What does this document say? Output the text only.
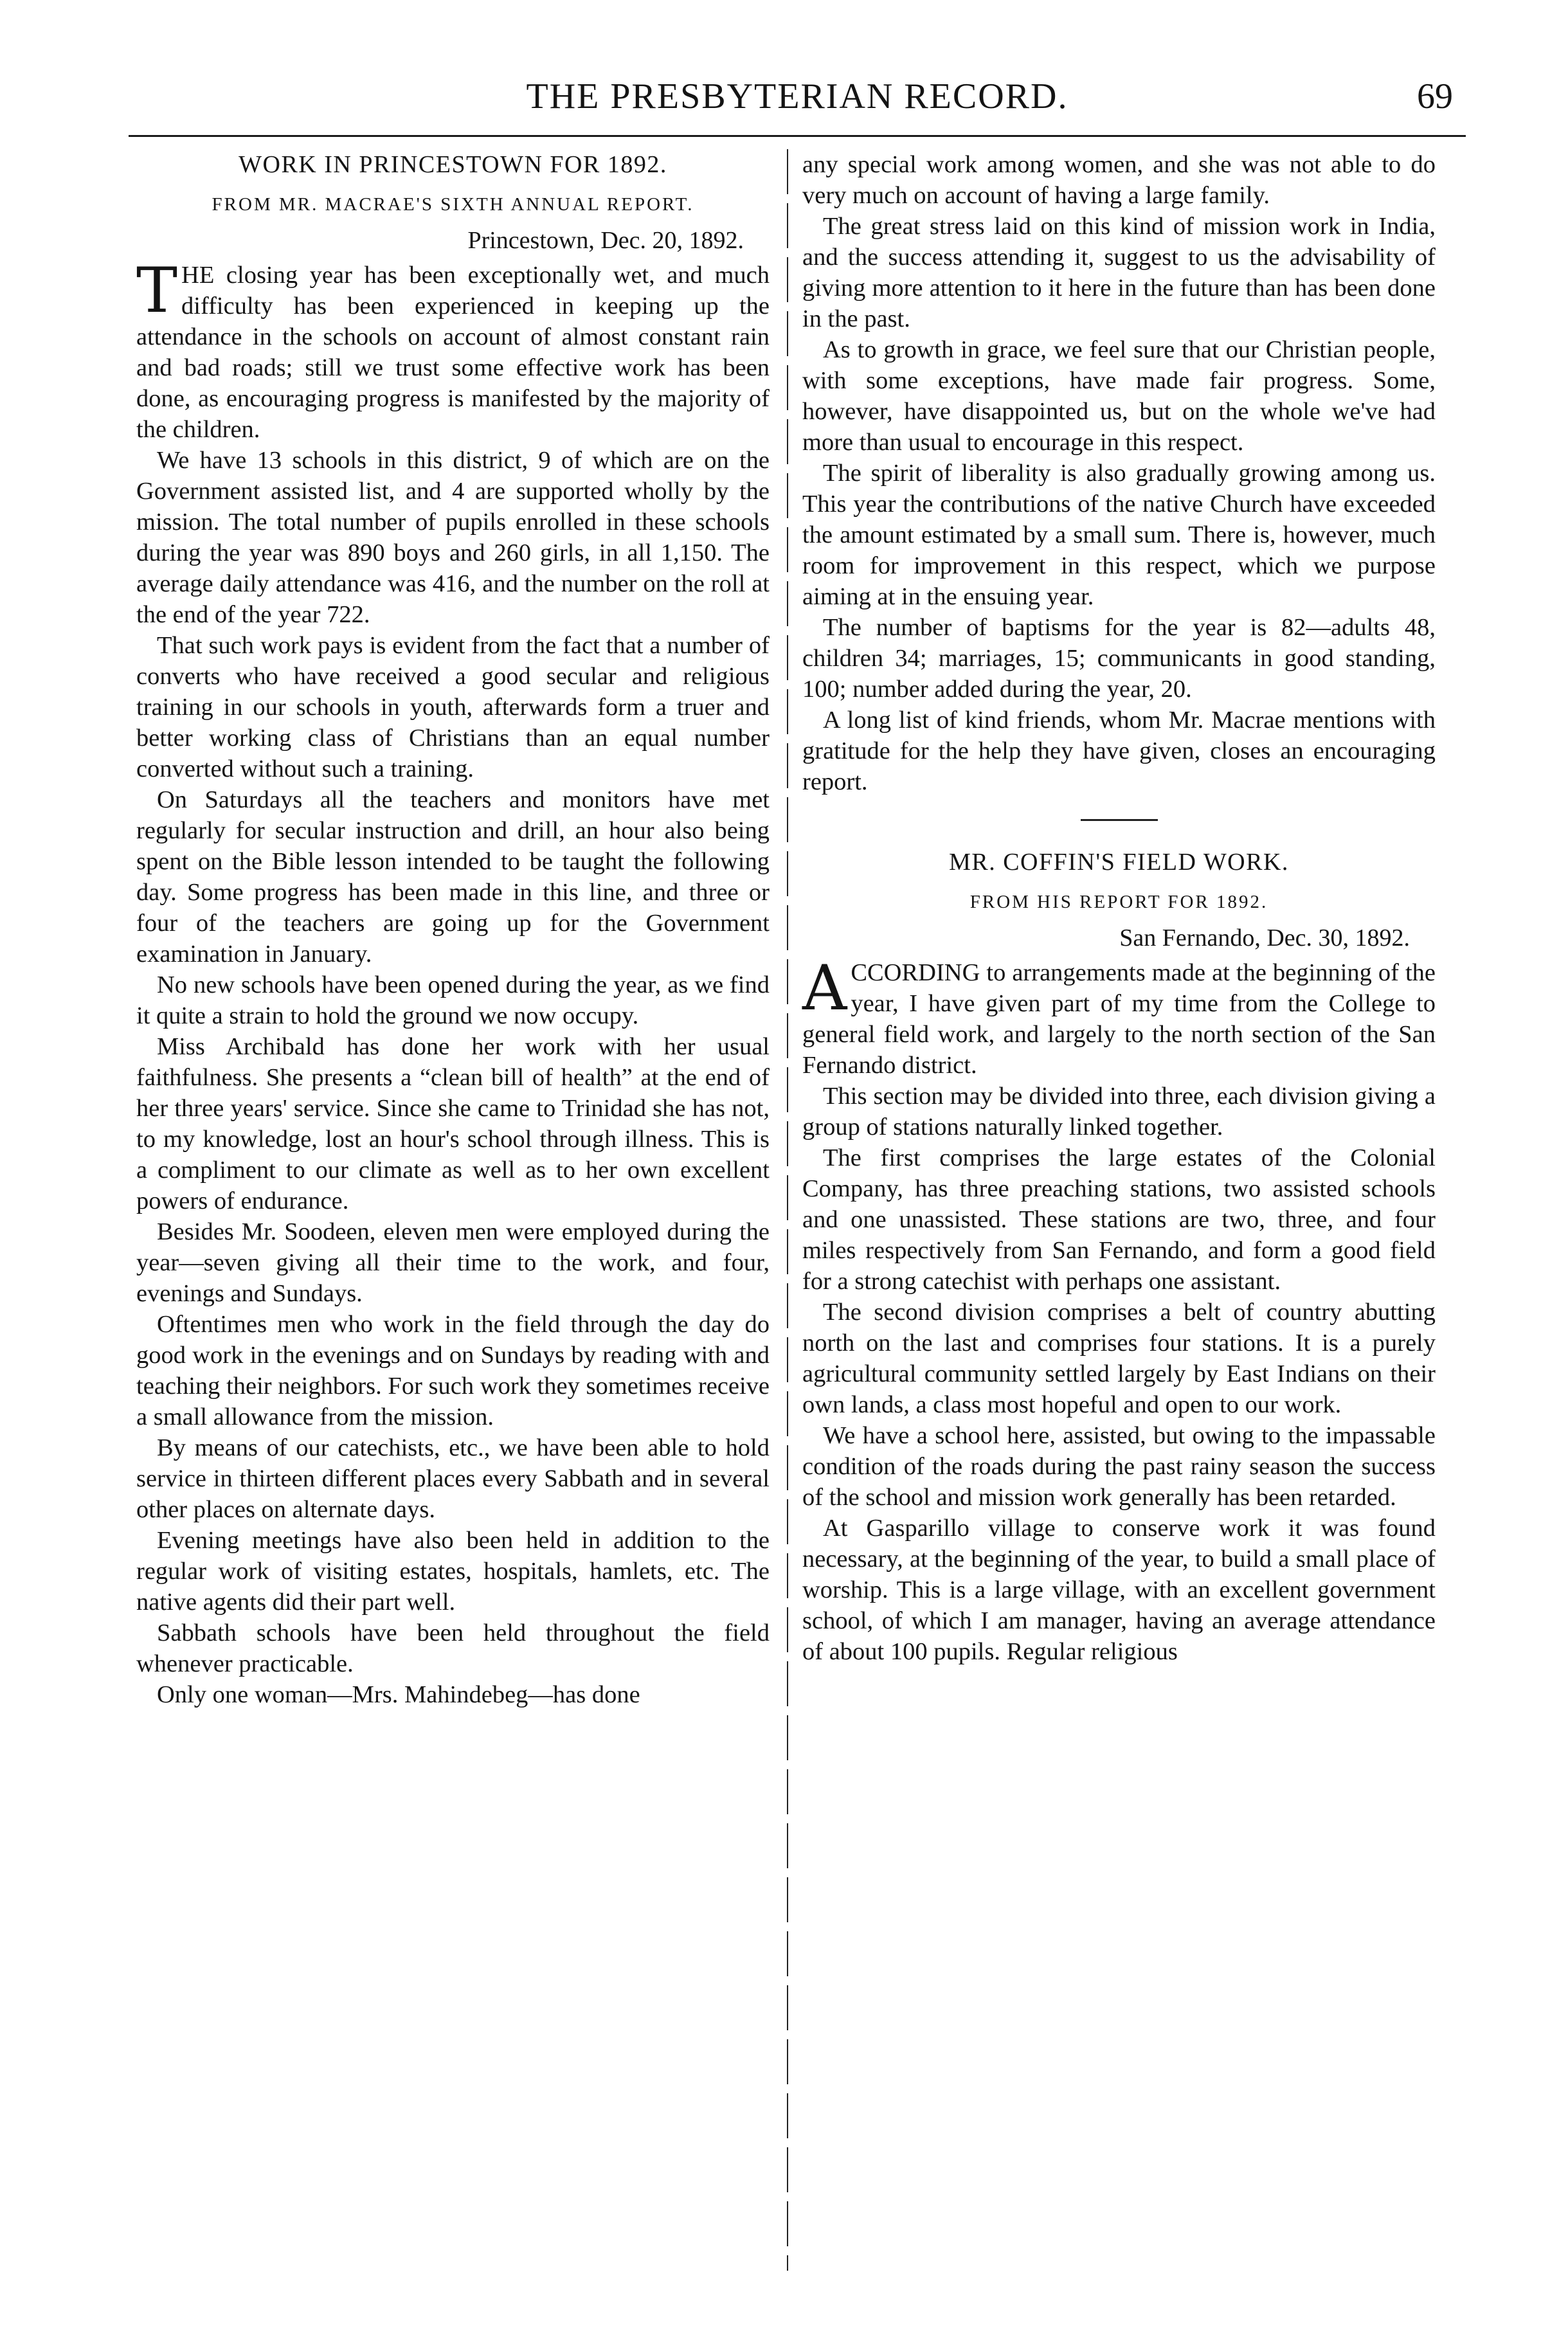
THE PRESBYTERIAN RECORD.	69
WORK IN PRINCESTOWN FOR 1892.
FROM MR. MACRAE'S SIXTH ANNUAL REPORT.
Princestown, Dec. 20, 1892.

THE closing year has been exceptionally wet, and much difficulty has been experienced in keeping up the attendance in the schools on account of almost constant rain and bad roads; still we trust some effective work has been done, as encouraging progress is manifested by the majority of the children.

We have 13 schools in this district, 9 of which are on the Government assisted list, and 4 are supported wholly by the mission. The total number of pupils enrolled in these schools during the year was 890 boys and 260 girls, in all 1,150. The average daily attendance was 416, and the number on the roll at the end of the year 722.

That such work pays is evident from the fact that a number of converts who have received a good secular and religious training in our schools in youth, afterwards form a truer and better working class of Christians than an equal number converted without such a training.

On Saturdays all the teachers and monitors have met regularly for secular instruction and drill, an hour also being spent on the Bible lesson intended to be taught the following day. Some progress has been made in this line, and three or four of the teachers are going up for the Government examination in January.

No new schools have been opened during the year, as we find it quite a strain to hold the ground we now occupy.

Miss Archibald has done her work with her usual faithfulness. She presents a “clean bill of health” at the end of her three years' service. Since she came to Trinidad she has not, to my knowledge, lost an hour's school through illness. This is a compliment to our climate as well as to her own excellent powers of endurance.

Besides Mr. Soodeen, eleven men were employed during the year—seven giving all their time to the work, and four, evenings and Sundays.

Oftentimes men who work in the field through the day do good work in the evenings and on Sundays by reading with and teaching their neighbors. For such work they sometimes receive a small allowance from the mission.

By means of our catechists, etc., we have been able to hold service in thirteen different places every Sabbath and in several other places on alternate days.

Evening meetings have also been held in addition to the regular work of visiting estates, hospitals, hamlets, etc. The native agents did their part well.

Sabbath schools have been held throughout the field whenever practicable.

Only one woman—Mrs. Mahindebeg—has done

any special work among women, and she was not able to do very much on account of having a large family.

The great stress laid on this kind of mission work in India, and the success attending it, suggest to us the advisability of giving more attention to it here in the future than has been done in the past.

As to growth in grace, we feel sure that our Christian people, with some exceptions, have made fair progress. Some, however, have disappointed us, but on the whole we've had more than usual to encourage in this respect.

The spirit of liberality is also gradually growing among us. This year the contributions of the native Church have exceeded the amount estimated by a small sum. There is, however, much room for improvement in this respect, which we purpose aiming at in the ensuing year.

The number of baptisms for the year is 82—adults 48, children 34; marriages, 15; communicants in good standing, 100; number added during the year, 20.

A long list of kind friends, whom Mr. Macrae mentions with gratitude for the help they have given, closes an encouraging report.

MR. COFFIN'S FIELD WORK.
FROM HIS REPORT FOR 1892.
San Fernando, Dec. 30, 1892.

ACCORDING to arrangements made at the beginning of the year, I have given part of my time from the College to general field work, and largely to the north section of the San Fernando district.

This section may be divided into three, each division giving a group of stations naturally linked together.

The first comprises the large estates of the Colonial Company, has three preaching stations, two assisted schools and one unassisted. These stations are two, three, and four miles respectively from San Fernando, and form a good field for a strong catechist with perhaps one assistant.

The second division comprises a belt of country abutting north on the last and comprises four stations. It is a purely agricultural community settled largely by East Indians on their own lands, a class most hopeful and open to our work.

We have a school here, assisted, but owing to the impassable condition of the roads during the past rainy season the success of the school and mission work generally has been retarded.

At Gasparillo village to conserve work it was found necessary, at the beginning of the year, to build a small place of worship. This is a large village, with an excellent government school, of which I am manager, having an average attendance of about 100 pupils. Regular religious
